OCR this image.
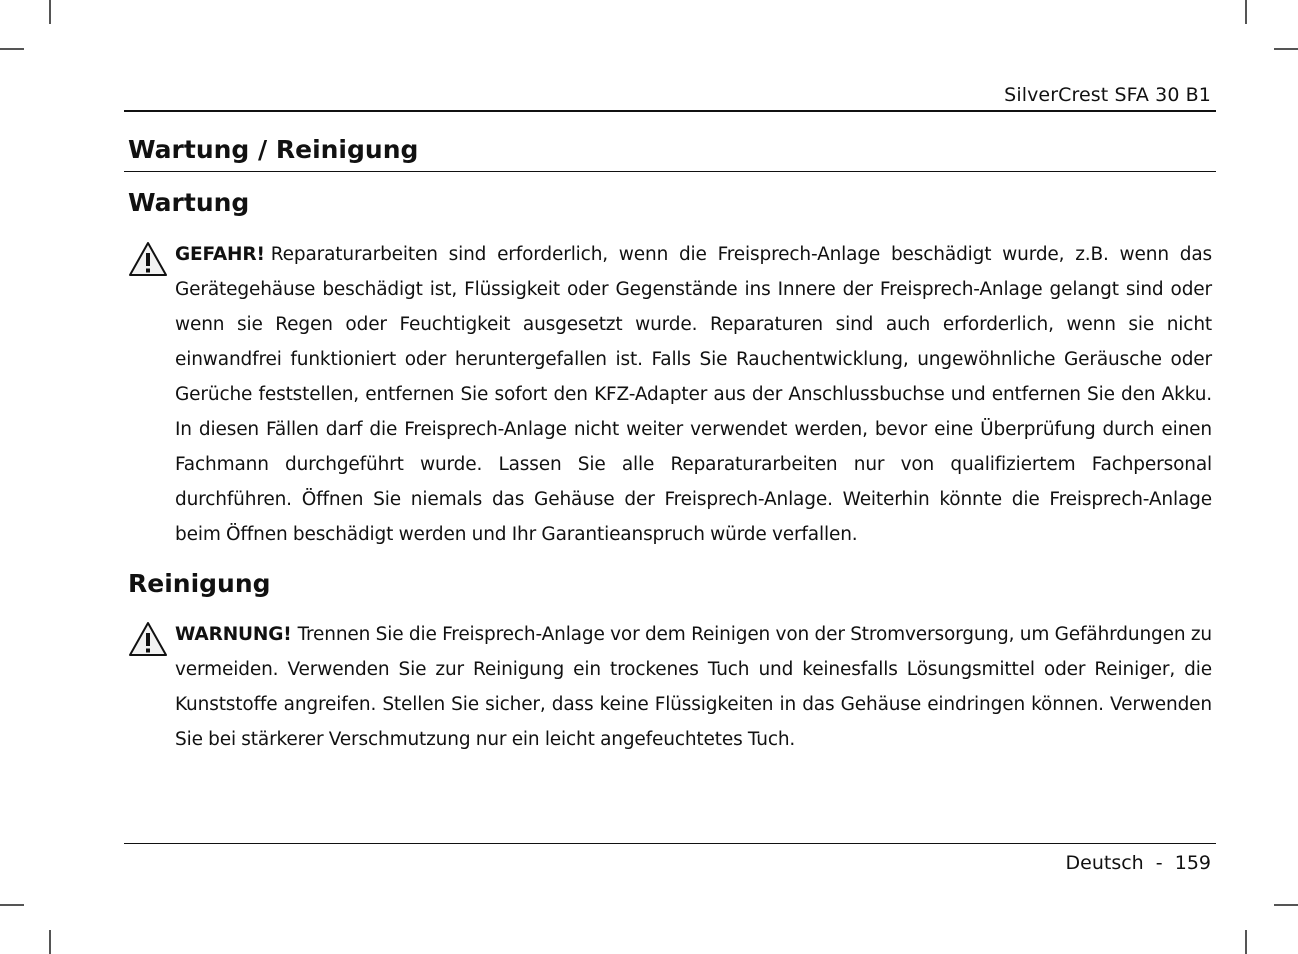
SilverCrest SFA 30 B1
Wartung / Reinigung
Wartung
GEFAHR! Reparaturarbeiten sind erforderlich, wenn die Freisprech-Anlage beschädigt wurde, z.B. wenn das Gerätegehäuse beschädigt ist, Flüssigkeit oder Gegenstände ins Innere der Freisprech-Anlage gelangt sind oder wenn sie Regen oder Feuchtigkeit ausgesetzt wurde. Reparaturen sind auch erforderlich, wenn sie nicht einwandfrei funktioniert oder heruntergefallen ist. Falls Sie Rauchentwicklung, ungewöhnliche Geräusche oder Gerüche feststellen, entfernen Sie sofort den KFZ-Adapter aus der Anschlussbuchse und entfernen Sie den Akku. In diesen Fällen darf die Freisprech-Anlage nicht weiter verwendet werden, bevor eine Überprüfung durch einen Fachmann durchgeführt wurde. Lassen Sie alle Reparaturarbeiten nur von qualifiziertem Fachpersonal durchführen. Öffnen Sie niemals das Gehäuse der Freisprech-Anlage. Weiterhin könnte die Freisprech-Anlage beim Öffnen beschädigt werden und Ihr Garantieanspruch würde verfallen.
Reinigung
WARNUNG! Trennen Sie die Freisprech-Anlage vor dem Reinigen von der Stromversorgung, um Gefährdungen zu vermeiden. Verwenden Sie zur Reinigung ein trockenes Tuch und keinesfalls Lösungsmittel oder Reiniger, die Kunststoffe angreifen. Stellen Sie sicher, dass keine Flüssigkeiten in das Gehäuse eindringen können. Verwenden Sie bei stärkerer Verschmutzung nur ein leicht angefeuchtetes Tuch.
Deutsch  -  159
